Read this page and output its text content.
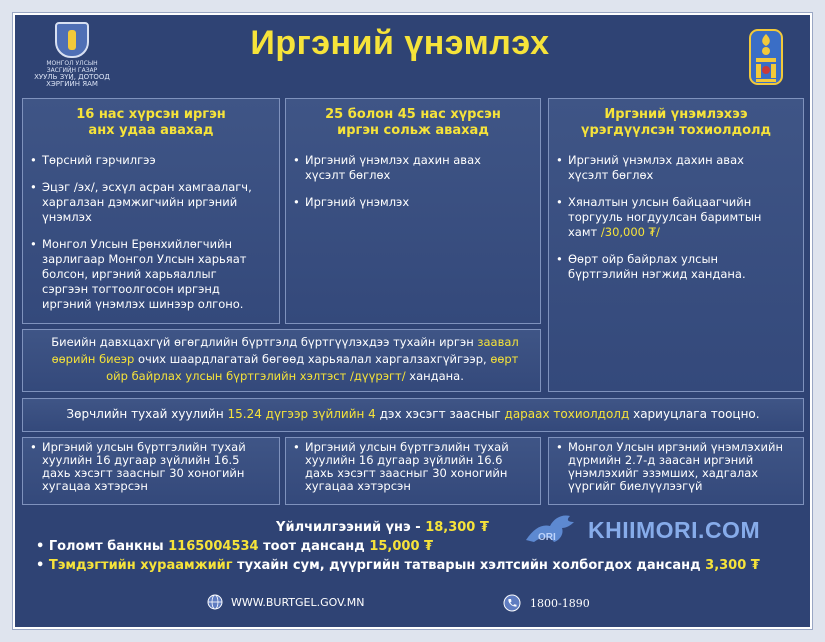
МОНГОЛ УЛСЫН
ЗАСГИЙН ГАЗАР
ХУУЛЬ ЗҮЙ, ДОТООД
ХЭРГИЙН ЯАМ
Иргэний үнэмлэх
16 нас хүрсэн иргэн
анх удаа авахад
• Төрсний гэрчилгээ
• Эцэг /эх/, эсхүл асран хамгаалагч,
харгалзан дэмжигчийн иргэний
үнэмлэх
• Монгол Улсын Ерөнхийлөгчийн
зарлигаар Монгол Улсын харьяат
болсон, иргэний харьяаллыг
сэргээн тогтоолгосон иргэнд
иргэний үнэмлэх шинээр олгоно.
25 болон 45 нас хүрсэн
иргэн сольж авахад
• Иргэний үнэмлэх дахин авах
хүсэлт бөглөх
• Иргэний үнэмлэх
Иргэний үнэмлэхээ
үрэгдүүлсэн тохиолдолд
• Иргэний үнэмлэх дахин авах
хүсэлт бөглөх
• Хяналтын улсын байцаагчийн
торгууль ногдуулсан баримтын
хамт /30,000 ₮/
• Өөрт ойр байрлах улсын
бүртгэлийн нэгжид хандана.
Биеийн давхцахгүй өгөгдлийн бүртгэлд бүртгүүлэхдээ тухайн иргэн заавал
өөрийн биеэр очих шаардлагатай бөгөөд харьяалал харгалзахгүйгээр, өөрт
ойр байрлах улсын бүртгэлийн хэлтэст /дүүрэгт/ хандана.
Зөрчлийн тухай хуулийн 15.24 дүгээр зүйлийн 4 дэх хэсэгт заасныг дараах тохиолдолд хариуцлага тооцно.
• Иргэний улсын бүртгэлийн тухай
хуулийн 16 дугаар зүйлийн 16.5
дахь хэсэгт заасныг 30 хоногийн
хугацаа хэтэрсэн
• Иргэний улсын бүртгэлийн тухай
хуулийн 16 дугаар зүйлийн 16.6
дахь хэсэгт заасныг 30 хоногийн
хугацаа хэтэрсэн
• Монгол Улсын иргэний үнэмлэхийн
дүрмийн 2.7-д заасан иргэний
үнэмлэхийг эзэмших, хадгалах
үүргийг биелүүлээгүй
Үйлчилгээний үнэ - 18,300 ₮
• Голомт банкны 1165004534 тоот дансанд 15,000 ₮
• Тэмдэгтийн хураамжийг тухайн сум, дүүргийн татварын хэлтсийн холбогдох дансанд 3,300 ₮
WWW.BURTGEL.GOV.MN	1800-1890
ORI KHIIMORI.COM
